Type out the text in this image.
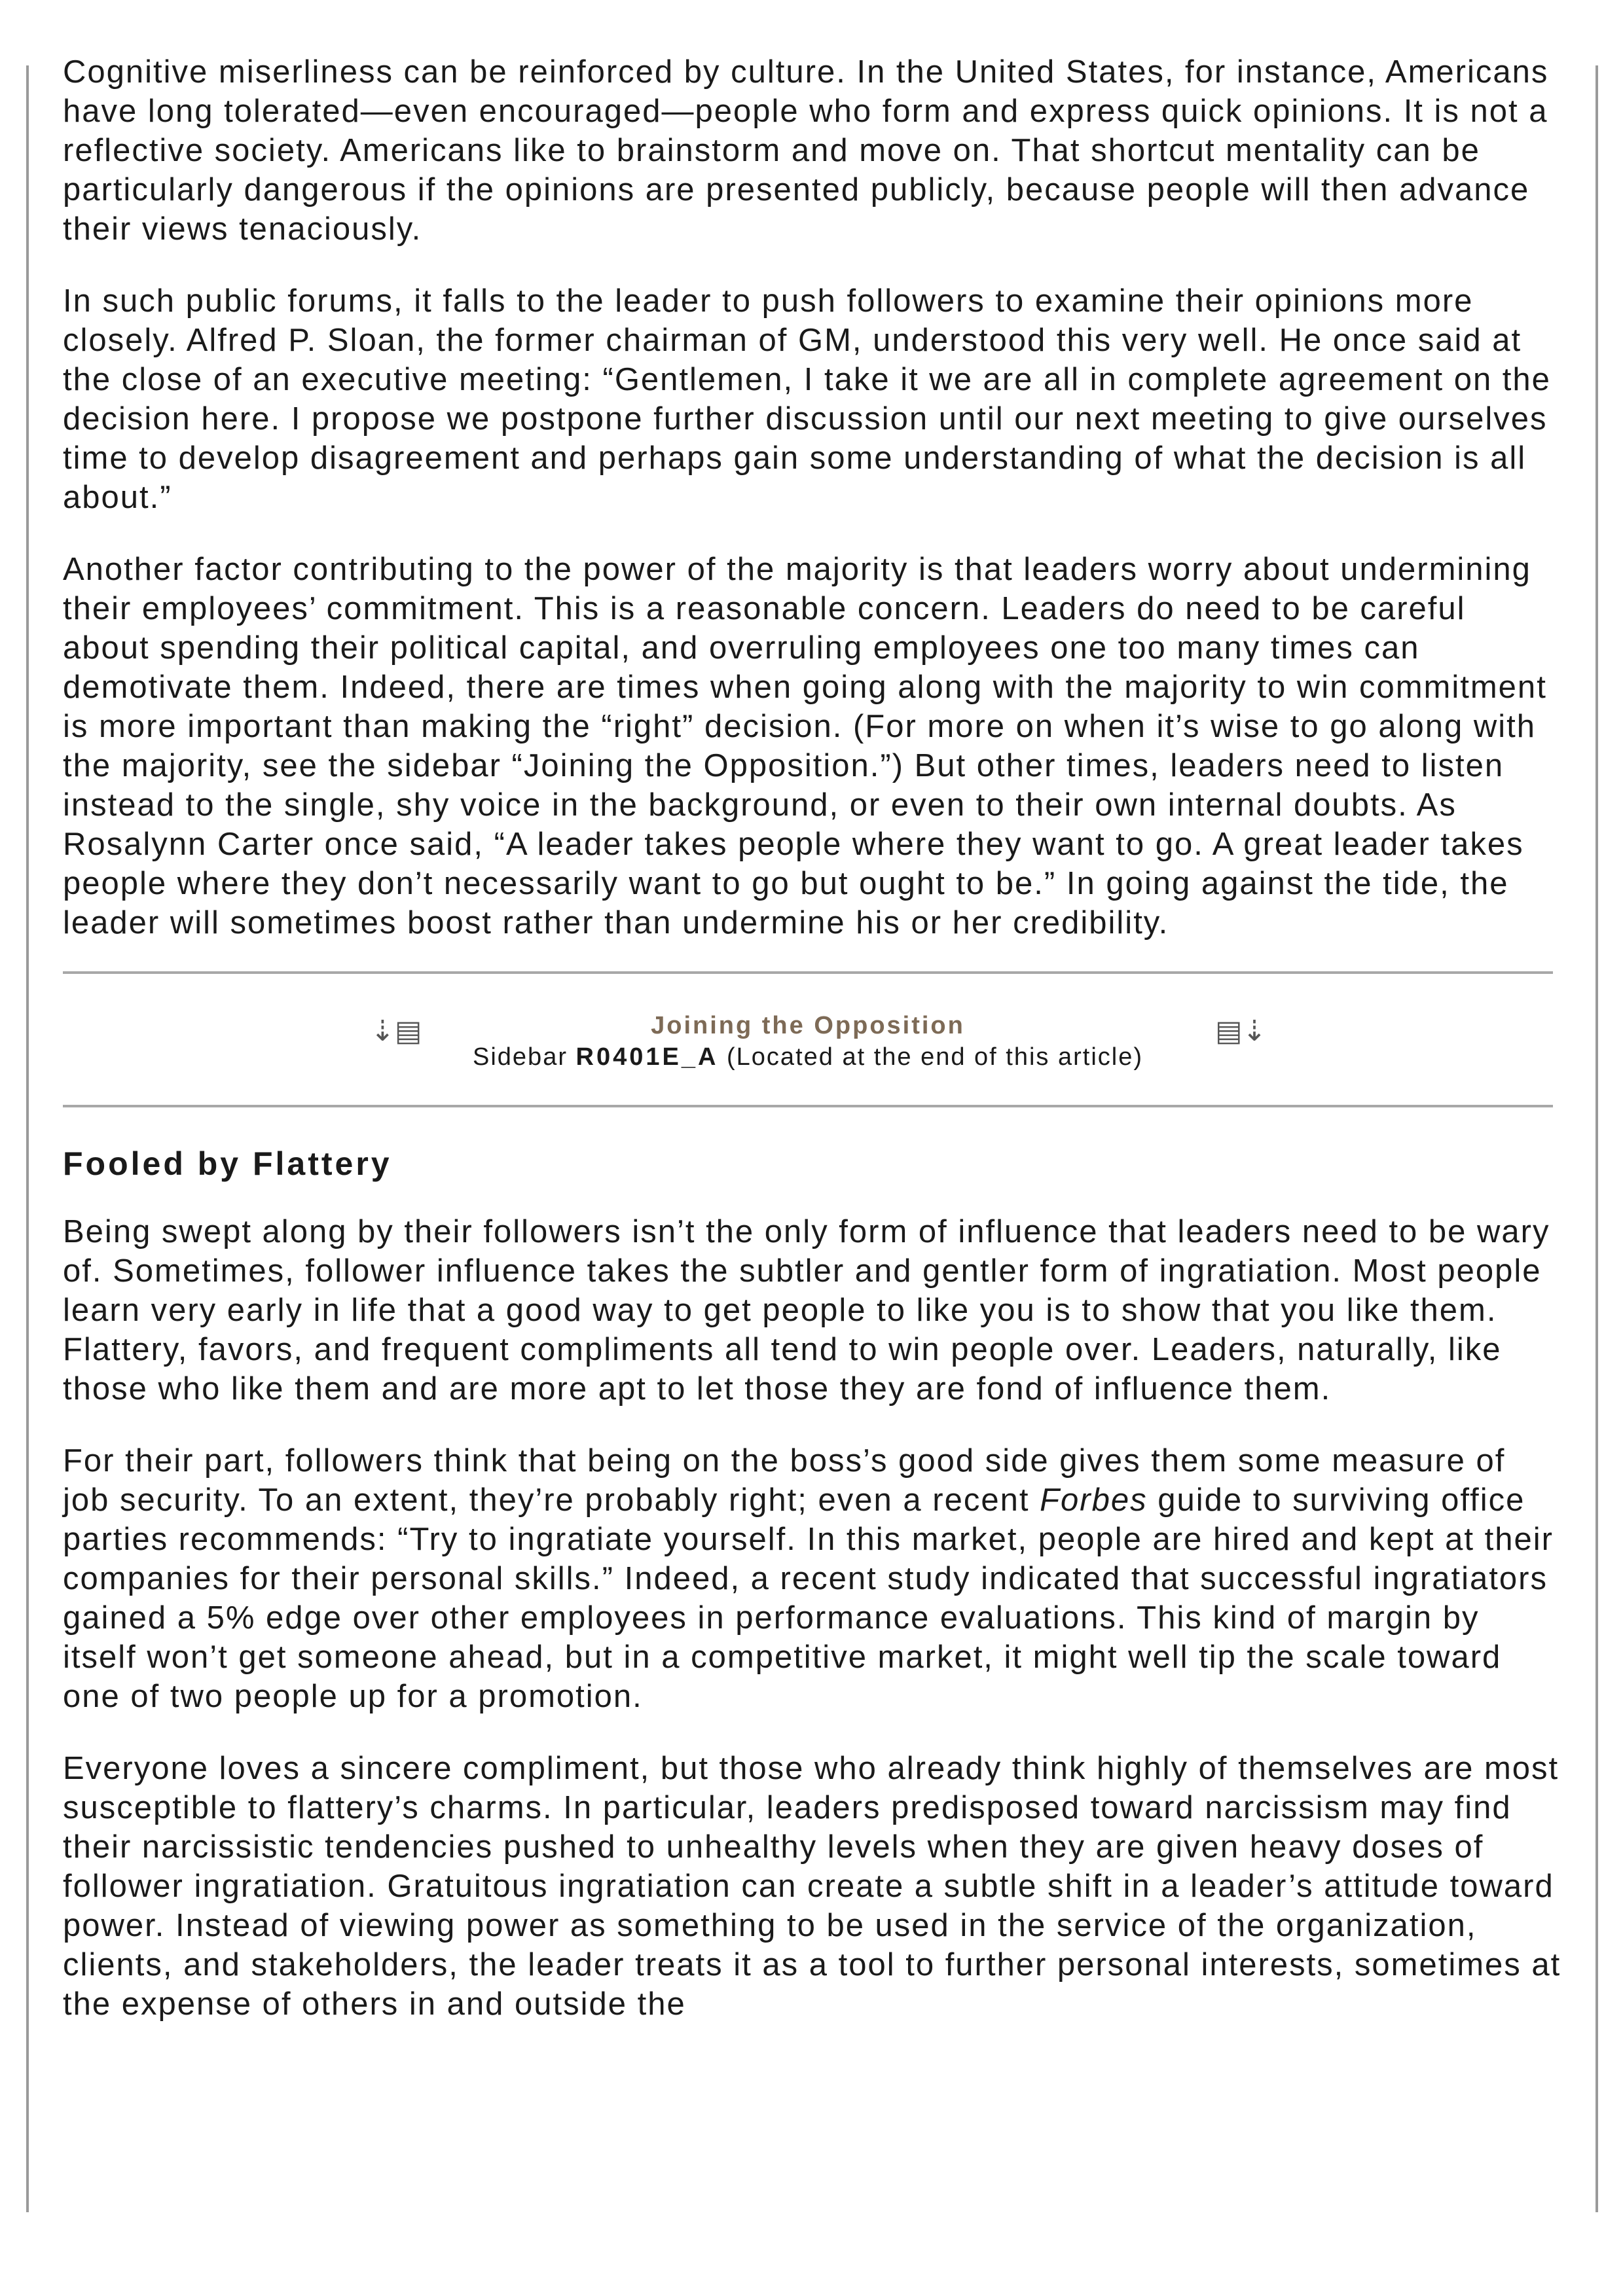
Cognitive miserliness can be reinforced by culture. In the United States, for instance, Americans have long tolerated—even encouraged—people who form and express quick opinions. It is not a reflective society. Americans like to brainstorm and move on. That shortcut mentality can be particularly dangerous if the opinions are presented publicly, because people will then advance their views tenaciously.

In such public forums, it falls to the leader to push followers to examine their opinions more closely. Alfred P. Sloan, the former chairman of GM, understood this very well. He once said at the close of an executive meeting: “Gentlemen, I take it we are all in complete agreement on the decision here. I propose we postpone further discussion until our next meeting to give ourselves time to develop disagreement and perhaps gain some understanding of what the decision is all about.”

Another factor contributing to the power of the majority is that leaders worry about undermining their employees’ commitment. This is a reasonable concern. Leaders do need to be careful about spending their political capital, and overruling employees one too many times can demotivate them. Indeed, there are times when going along with the majority to win commitment is more important than making the “right” decision. (For more on when it’s wise to go along with the majority, see the sidebar “Joining the Opposition.”) But other times, leaders need to listen instead to the single, shy voice in the background, or even to their own internal doubts. As Rosalynn Carter once said, “A leader takes people where they want to go. A great leader takes people where they don’t necessarily want to go but ought to be.” In going against the tide, the leader will sometimes boost rather than undermine his or her credibility.

⇣▤	Joining the Opposition
Sidebar R0401E_A (Located at the end of this article)
▤⇣
Fooled by Flattery

Being swept along by their followers isn’t the only form of influence that leaders need to be wary of. Sometimes, follower influence takes the subtler and gentler form of ingratiation. Most people learn very early in life that a good way to get people to like you is to show that you like them. Flattery, favors, and frequent compliments all tend to win people over. Leaders, naturally, like those who like them and are more apt to let those they are fond of influence them.

For their part, followers think that being on the boss’s good side gives them some measure of job security. To an extent, they’re probably right; even a recent Forbes guide to surviving office parties recommends: “Try to ingratiate yourself. In this market, people are hired and kept at their companies for their personal skills.” Indeed, a recent study indicated that successful ingratiators gained a 5% edge over other employees in performance evaluations. This kind of margin by itself won’t get someone ahead, but in a competitive market, it might well tip the scale toward one of two people up for a promotion.

Everyone loves a sincere compliment, but those who already think highly of themselves are most susceptible to flattery’s charms. In particular, leaders predisposed toward narcissism may find their narcissistic tendencies pushed to unhealthy levels when they are given heavy doses of follower ingratiation. Gratuitous ingratiation can create a subtle shift in a leader’s attitude toward power. Instead of viewing power as something to be used in the service of the organization, clients, and stakeholders, the leader treats it as a tool to further personal interests, sometimes at the expense of others in and outside the
